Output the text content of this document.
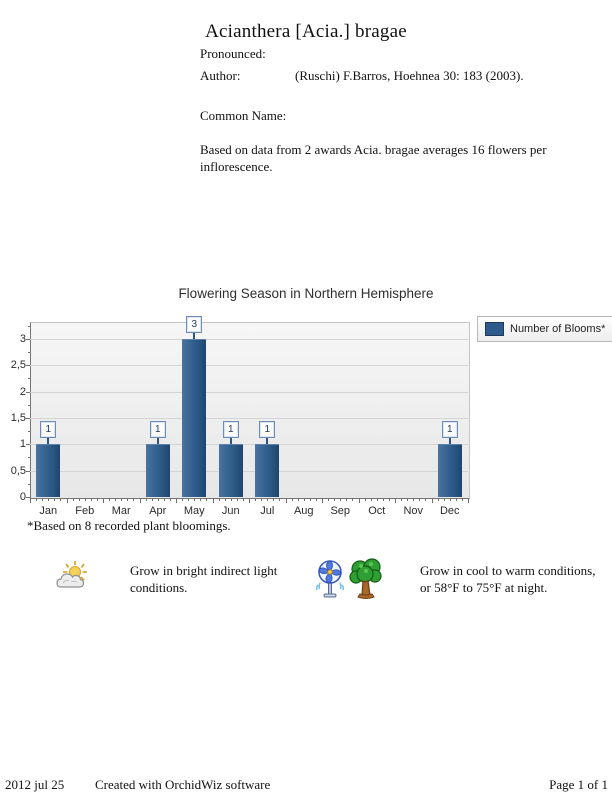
Acianthera [Acia.] bragae
Pronounced:
Author:	(Ruschi) F.Barros, Hoehnea 30: 183 (2003).
Common Name:
Based on data from 2 awards Acia. bragae averages 16 flowers per inflorescence.
Flowering Season in Northern Hemisphere
0
0,5
1
1,5
2
2,5
3
Jan
1
Feb	Mar	Apr
1
May
3
Jun
1
Jul
1
Aug	Sep	Oct	Nov	Dec
1
Number of Blooms*
*Based on 8 recorded plant bloomings.
Grow in bright indirect light conditions.
Grow in cool to warm conditions, or 58°F to 75°F at night.
2012 jul 25 Created with OrchidWiz software	Page 1 of 1
